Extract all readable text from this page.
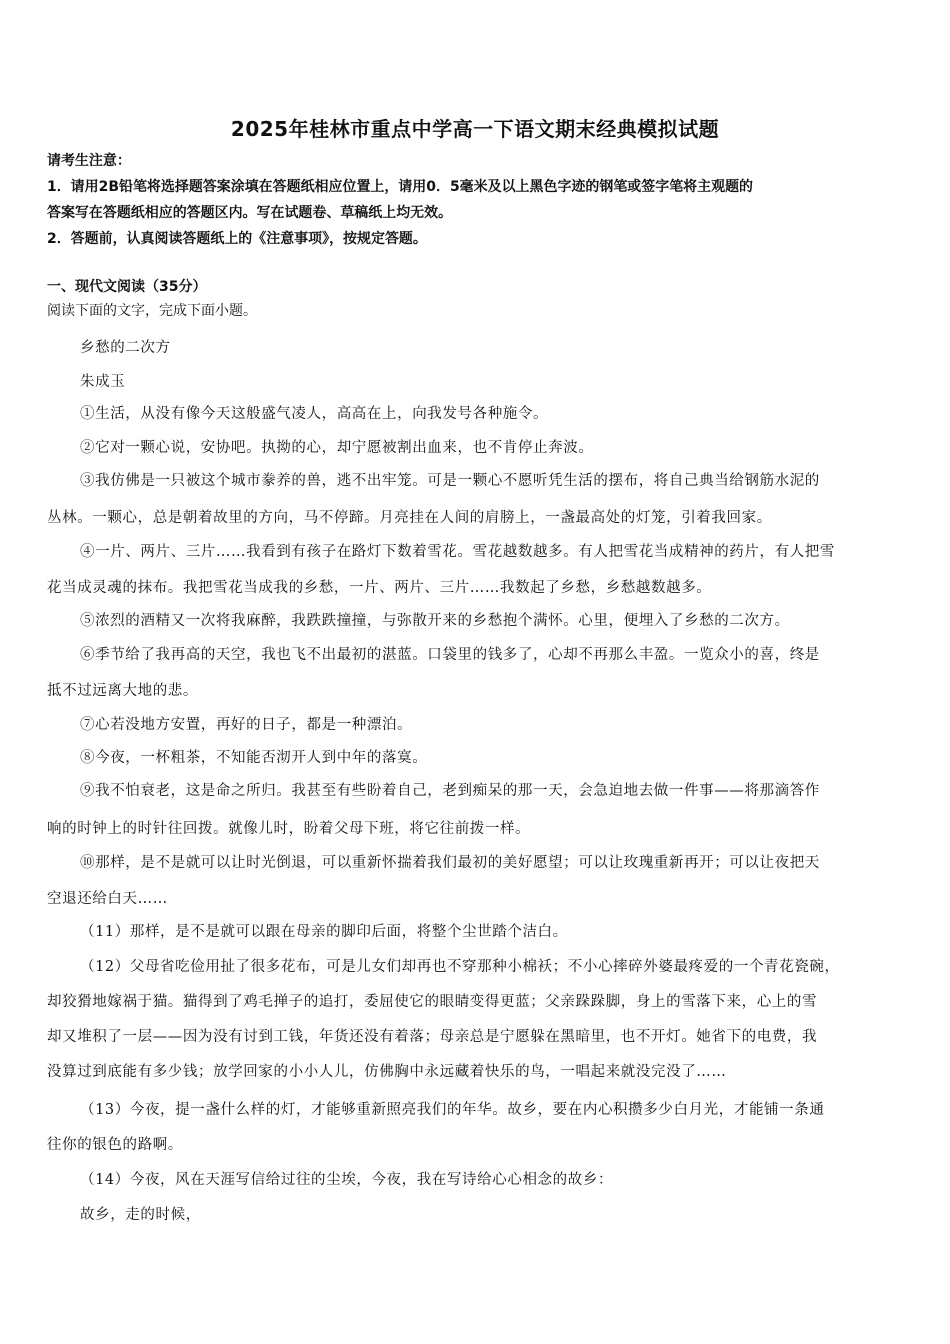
2025年桂林市重点中学高一下语文期末经典模拟试题
请考生注意：
1．请用2B铅笔将选择题答案涂填在答题纸相应位置上，请用0．5毫米及以上黑色字迹的钢笔或签字笔将主观题的
答案写在答题纸相应的答题区内。写在试题卷、草稿纸上均无效。
2．答题前，认真阅读答题纸上的《注意事项》，按规定答题。
一、现代文阅读（35分）
阅读下面的文字，完成下面小题。
乡愁的二次方
朱成玉
①生活，从没有像今天这般盛气凌人，高高在上，向我发号各种施令。
②它对一颗心说，安协吧。执拗的心，却宁愿被割出血来，也不肯停止奔波。
③我仿佛是一只被这个城市豢养的兽，逃不出牢笼。可是一颗心不愿听凭生活的摆布，将自己典当给钢筋水泥的
丛林。一颗心，总是朝着故里的方向，马不停蹄。月亮挂在人间的肩膀上，一盏最高处的灯笼，引着我回家。
④一片、两片、三片……我看到有孩子在路灯下数着雪花。雪花越数越多。有人把雪花当成精神的药片，有人把雪
花当成灵魂的抹布。我把雪花当成我的乡愁，一片、两片、三片……我数起了乡愁，乡愁越数越多。
⑤浓烈的酒精又一次将我麻醉，我跌跌撞撞，与弥散开来的乡愁抱个满怀。心里，便埋入了乡愁的二次方。
⑥季节给了我再高的天空，我也飞不出最初的湛蓝。口袋里的钱多了，心却不再那么丰盈。一览众小的喜，终是
抵不过远离大地的悲。
⑦心若没地方安置，再好的日子，都是一种漂泊。
⑧今夜，一杯粗茶，不知能否沏开人到中年的落寞。
⑨我不怕衰老，这是命之所归。我甚至有些盼着自己，老到痴呆的那一天，会急迫地去做一件事——将那滴答作
响的时钟上的时针往回拨。就像儿时，盼着父母下班，将它往前拨一样。
⑩那样，是不是就可以让时光倒退，可以重新怀揣着我们最初的美好愿望；可以让玫瑰重新再开；可以让夜把天
空退还给白天……
（11）那样，是不是就可以跟在母亲的脚印后面，将整个尘世踏个洁白。
（12）父母省吃俭用扯了很多花布，可是儿女们却再也不穿那种小棉袄；不小心摔碎外婆最疼爱的一个青花瓷碗，
却狡猾地嫁祸于猫。猫得到了鸡毛掸子的追打，委屈使它的眼睛变得更蓝；父亲跺跺脚，身上的雪落下来，心上的雪
却又堆积了一层——因为没有讨到工钱，年货还没有着落；母亲总是宁愿躲在黑暗里，也不开灯。她省下的电费，我
没算过到底能有多少钱；放学回家的小小人儿，仿佛胸中永远藏着快乐的鸟，一唱起来就没完没了……
（13）今夜，提一盏什么样的灯，才能够重新照亮我们的年华。故乡，要在内心积攒多少白月光，才能铺一条通
往你的银色的路啊。
（14）今夜，风在天涯写信给过往的尘埃，今夜，我在写诗给心心相念的故乡：
故乡，走的时候，
